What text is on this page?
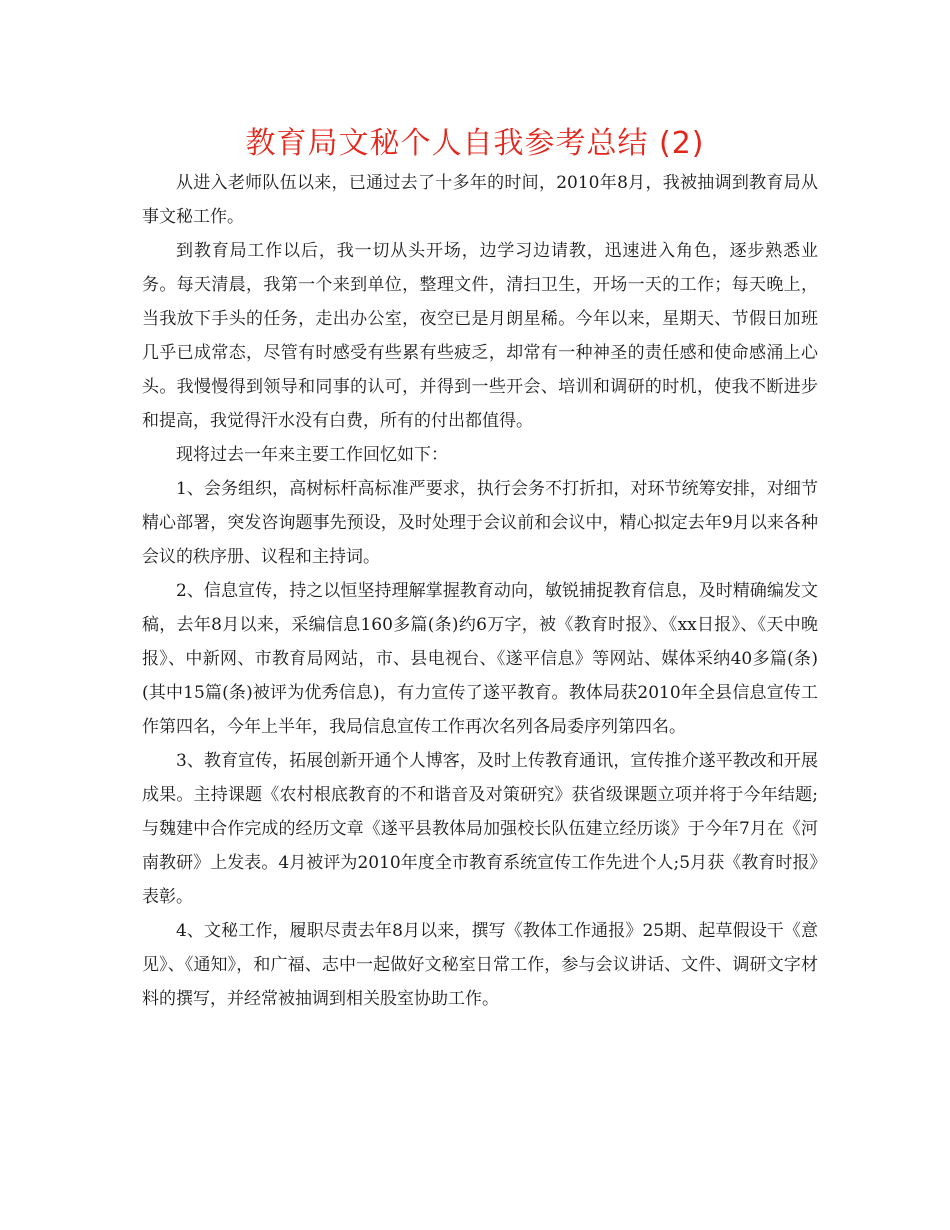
教育局文秘个人自我参考总结 (2)

从进入老师队伍以来，已通过去了十多年的时间，2010年8月，我被抽调到教育局从事文秘工作。

到教育局工作以后，我一切从头开场，边学习边请教，迅速进入角色，逐步熟悉业务。每天清晨，我第一个来到单位，整理文件，清扫卫生，开场一天的工作；每天晚上，当我放下手头的任务，走出办公室，夜空已是月朗星稀。今年以来，星期天、节假日加班几乎已成常态，尽管有时感受有些累有些疲乏，却常有一种神圣的责任感和使命感涌上心头。我慢慢得到领导和同事的认可，并得到一些开会、培训和调研的时机，使我不断进步和提高，我觉得汗水没有白费，所有的付出都值得。

现将过去一年来主要工作回忆如下：

1、会务组织，高树标杆高标准严要求，执行会务不打折扣，对环节统筹安排，对细节精心部署，突发咨询题事先预设，及时处理于会议前和会议中，精心拟定去年9月以来各种会议的秩序册、议程和主持词。

2、信息宣传，持之以恒坚持理解掌握教育动向，敏锐捕捉教育信息，及时精确编发文稿，去年8月以来，采编信息160多篇(条)约6万字，被《教育时报》、《xx日报》、《天中晚报》、中新网、市教育局网站，市、县电视台、《遂平信息》等网站、媒体采纳40多篇(条)(其中15篇(条)被评为优秀信息)，有力宣传了遂平教育。教体局获2010年全县信息宣传工作第四名，今年上半年，我局信息宣传工作再次名列各局委序列第四名。

3、教育宣传，拓展创新开通个人博客，及时上传教育通讯，宣传推介遂平教改和开展成果。主持课题《农村根底教育的不和谐音及对策研究》获省级课题立项并将于今年结题;与魏建中合作完成的经历文章《遂平县教体局加强校长队伍建立经历谈》于今年7月在《河南教研》上发表。4月被评为2010年度全市教育系统宣传工作先进个人;5月获《教育时报》表彰。

4、文秘工作，履职尽责去年8月以来，撰写《教体工作通报》25期、起草假设干《意见》、《通知》，和广福、志中一起做好文秘室日常工作，参与会议讲话、文件、调研文字材料的撰写，并经常被抽调到相关股室协助工作。
